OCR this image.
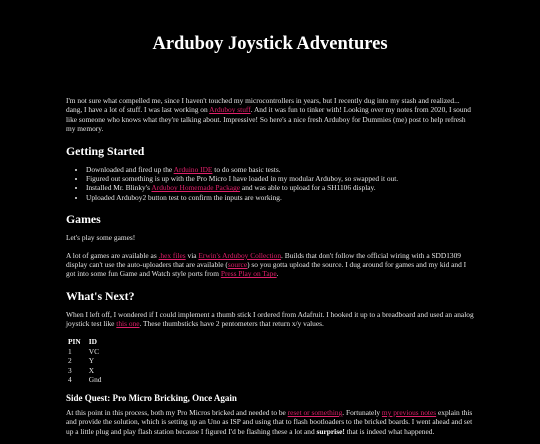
Arduboy Joystick Adventures

I'm not sure what compelled me, since I haven't touched my microcontrollers in years, but I recently dug into my stash and realized... dang, I have a lot of stuff. I was last working on Arduboy stuff. And it was fun to tinker with! Looking over my notes from 2020, I sound like someone who knows what they're talking about. Impressive! So here's a nice fresh Arduboy for Dummies (me) post to help refresh my memory.

Getting Started
• Downloaded and fired up the Arduino IDE to do some basic tests.
• Figured out something is up with the Pro Micro I have loaded in my modular Arduboy, so swapped it out.
• Installed Mr. Blinky's Arduboy Homemade Package and was able to upload for a SH1106 display.
• Uploaded Arduboy2 button test to confirm the inputs are working.
Games

Let's play some games!

A lot of games are available as .hex files via Erwin's Arduboy Collection. Builds that don't follow the official wiring with a SDD1309 display can't use the auto-uploaders that are available (source) so you gotta upload the source. I dug around for games and my kid and I got into some fun Game and Watch style ports from Press Play on Tape.

What's Next?

When I left off, I wondered if I could implement a thumb stick I ordered from Adafruit. I hooked it up to a breadboard and used an analog joystick test like this one. These thumbsticks have 2 pentometers that return x/y values.

PIN	ID
1	VC
2	Y
3	X
4	Gnd
Side Quest: Pro Micro Bricking, Once Again

At this point in this process, both my Pro Micros bricked and needed to be reset or something. Fortunately my previous notes explain this and provide the solution, which is setting up an Uno as ISP and using that to flash bootloaders to the bricked boards. I went ahead and set up a little plug and play flash station because I figured I'd be flashing these a lot and surprise! that is indeed what happened.
